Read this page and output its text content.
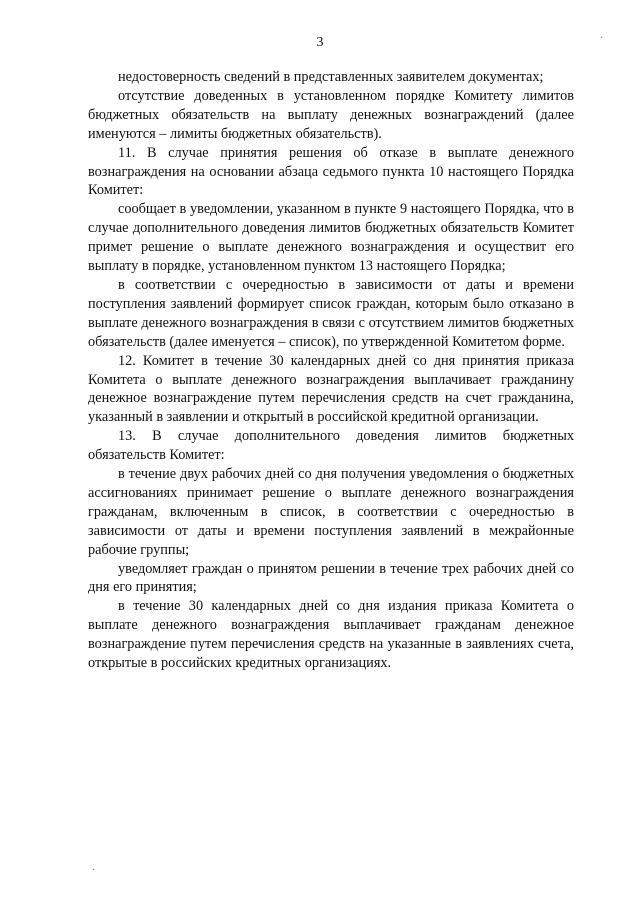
3	·

недостоверность сведений в представленных заявителем документах;

отсутствие доведенных в установленном порядке Комитету лимитов бюджетных обязательств на выплату денежных вознаграждений (далее именуются – лимиты бюджетных обязательств).

11. В случае принятия решения об отказе в выплате денежного вознаграждения на основании абзаца седьмого пункта 10 настоящего Порядка Комитет:

сообщает в уведомлении, указанном в пункте 9 настоящего Порядка, что в случае дополнительного доведения лимитов бюджетных обязательств Комитет примет решение о выплате денежного вознаграждения и осуществит его выплату в порядке, установленном пунктом 13 настоящего Порядка;

в соответствии с очередностью в зависимости от даты и времени поступления заявлений формирует список граждан, которым было отказано в выплате денежного вознаграждения в связи с отсутствием лимитов бюджетных обязательств (далее именуется – список), по утвержденной Комитетом форме.

12. Комитет в течение 30 календарных дней со дня принятия приказа Комитета о выплате денежного вознаграждения выплачивает гражданину денежное вознаграждение путем перечисления средств на счет гражданина, указанный в заявлении и открытый в российской кредитной организации.

13. В случае дополнительного доведения лимитов бюджетных обязательств Комитет:

в течение двух рабочих дней со дня получения уведомления о бюджетных ассигнованиях принимает решение о выплате денежного вознаграждения гражданам, включенным в список, в соответствии с очередностью в зависимости от даты и времени поступления заявлений в межрайонные рабочие группы;

уведомляет граждан о принятом решении в течение трех рабочих дней со дня его принятия;

в течение 30 календарных дней со дня издания приказа Комитета о выплате денежного вознаграждения выплачивает гражданам денежное вознаграждение путем перечисления средств на указанные в заявлениях счета, открытые в российских кредитных организациях.

·
